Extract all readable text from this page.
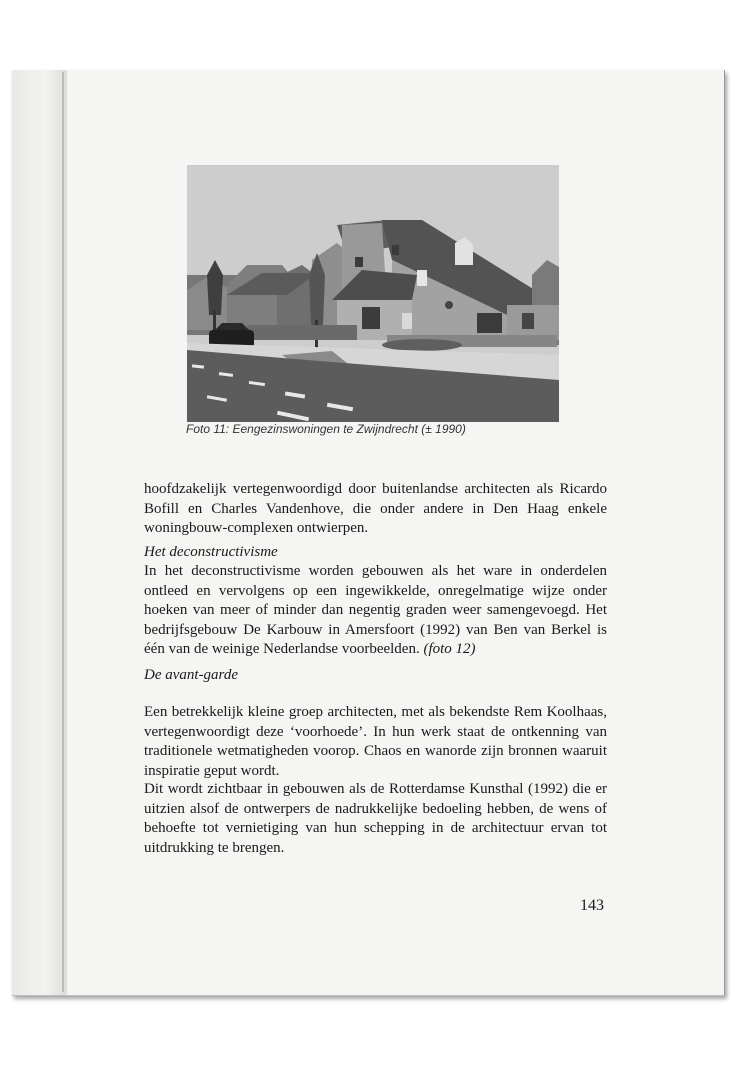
Foto 11: Eengezinswoningen te Zwijndrecht (± 1990)

hoofdzakelijk vertegenwoordigd door buitenlandse architecten als Ricardo Bofill en Charles Vandenhove, die onder andere in Den Haag enkele woningbouw-complexen ontwierpen.

Het deconstructivisme

In het deconstructivisme worden gebouwen als het ware in onderdelen ontleed en vervolgens op een ingewikkelde, onregelmatige wijze onder hoeken van meer of minder dan negentig graden weer samengevoegd. Het bedrijfsgebouw De Karbouw in Amersfoort (1992) van Ben van Berkel is één van de weinige Nederlandse voorbeelden. (foto 12)

De avant-garde

Een betrekkelijk kleine groep architecten, met als bekendste Rem Koolhaas, vertegenwoordigt deze ‘voorhoede’. In hun werk staat de ontkenning van traditionele wetmatigheden voorop. Chaos en wanorde zijn bronnen waaruit inspiratie geput wordt.

Dit wordt zichtbaar in gebouwen als de Rotterdamse Kunsthal (1992) die er uitzien alsof de ontwerpers de nadrukkelijke bedoeling hebben, de wens of behoefte tot vernietiging van hun schepping in de architectuur ervan tot uitdrukking te brengen.

143
